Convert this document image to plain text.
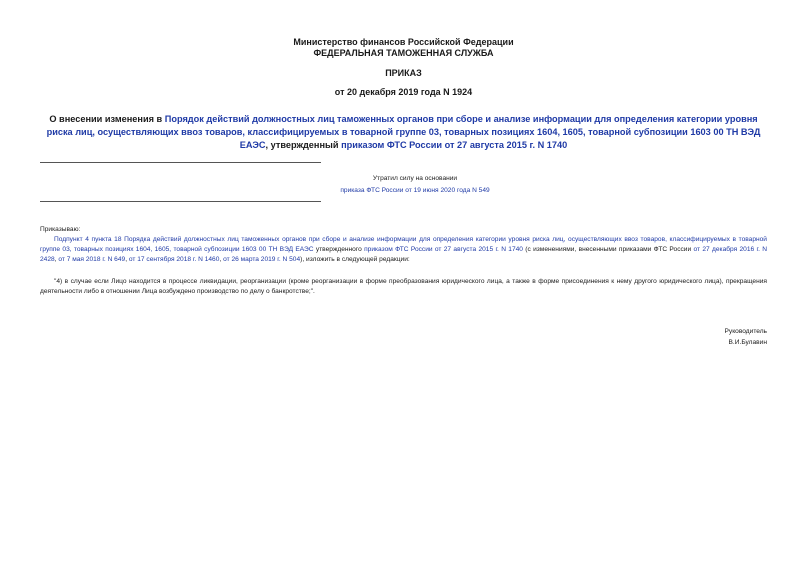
Министерство финансов Российской Федерации
ФЕДЕРАЛЬНАЯ ТАМОЖЕННАЯ СЛУЖБА
ПРИКАЗ
от 20 декабря 2019 года N 1924
О внесении изменения в Порядок действий должностных лиц таможенных органов при сборе и анализе информации для определения категории уровня риска лиц, осуществляющих ввоз товаров, классифицируемых в товарной группе 03, товарных позициях 1604, 1605, товарной субпозиции 1603 00 ТН ВЭД ЕАЭС, утвержденный приказом ФТС России от 27 августа 2015 г. N 1740
Утратил силу на основании
приказа ФТС России от 19 июня 2020 года N 549
Приказываю:
Подпункт 4 пункта 18 Порядка действий должностных лиц таможенных органов при сборе и анализе информации для определения категории уровня риска лиц, осуществляющих ввоз товаров, классифицируемых в товарной группе 03, товарных позициях 1604, 1605, товарной субпозиции 1603 00 ТН ВЭД ЕАЭС утвержденного приказом ФТС России от 27 августа 2015 г. N 1740 (с изменениями, внесенными приказами ФТС России от 27 декабря 2016 г. N 2428, от 7 мая 2018 г. N 649, от 17 сентября 2018 г. N 1460, от 26 марта 2019 г. N 504), изложить в следующей редакции:
"4) в случае если Лицо находится в процессе ликвидации, реорганизации (кроме реорганизации в форме преобразования юридического лица, а также в форме присоединения к нему другого юридического лица), прекращения деятельности либо в отношении Лица возбуждено производство по делу о банкротстве;".
Руководитель
В.И.Булавин
